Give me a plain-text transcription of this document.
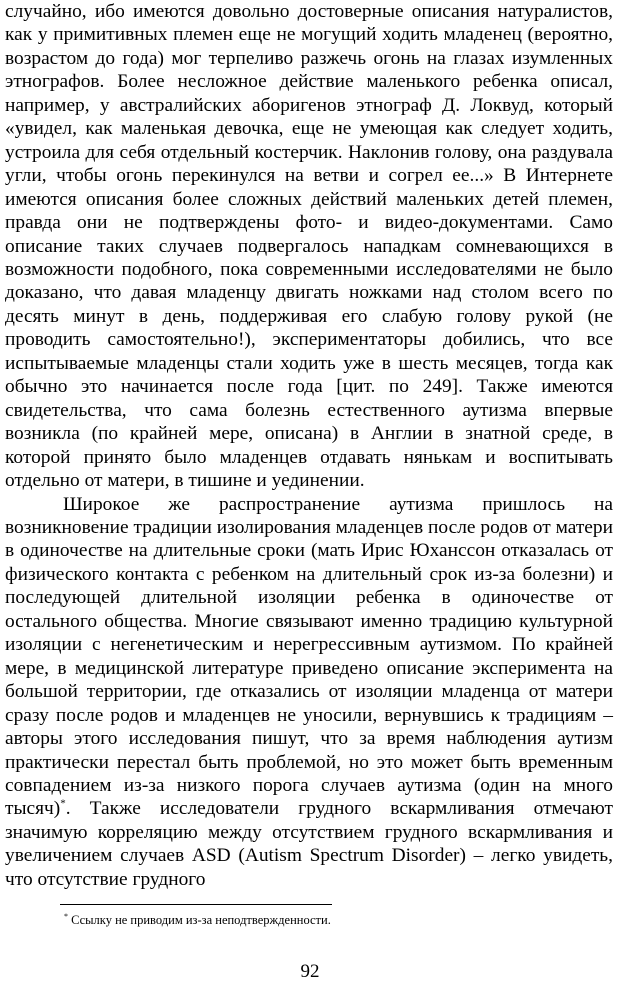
случайно, ибо имеются довольно достоверные описания натуралистов, как у примитивных племен еще не могущий ходить младенец (вероятно, возрастом до года) мог терпеливо разжечь огонь на глазах изумленных этнографов. Более несложное действие маленького ребенка описал, например, у австралийских аборигенов этнограф Д. Локвуд, который «увидел, как маленькая девочка, еще не умеющая как следует ходить, устроила для себя отдельный костерчик. Наклонив голову, она раздувала угли, чтобы огонь перекинулся на ветви и согрел ее...» В Интернете имеются описания более сложных действий маленьких детей племен, правда они не подтверждены фото- и видео-документами. Само описание таких случаев подвергалось нападкам сомневающихся в возможности подобного, пока современными исследователями не было доказано, что давая младенцу двигать ножками над столом всего по десять минут в день, поддерживая его слабую голову рукой (не проводить самостоятельно!), экспериментаторы добились, что все испытываемые младенцы стали ходить уже в шесть месяцев, тогда как обычно это начинается после года [цит. по 249]. Также имеются свидетельства, что сама болезнь естественного аутизма впервые возникла (по крайней мере, описана) в Англии в знатной среде, в которой принято было младенцев отдавать нянькам и воспитывать отдельно от матери, в тишине и уединении.

Широкое же распространение аутизма пришлось на возникновение традиции изолирования младенцев после родов от матери в одиночестве на длительные сроки (мать Ирис Юханссон отказалась от физического контакта с ребенком на длительный срок из-за болезни) и последующей длительной изоляции ребенка в одиночестве от остального общества. Многие связывают именно традицию культурной изоляции с негенетическим и нерегрессивным аутизмом. По крайней мере, в медицинской литературе приведено описание эксперимента на большой территории, где отказались от изоляции младенца от матери сразу после родов и младенцев не уносили, вернувшись к традициям – авторы этого исследования пишут, что за время наблюдения аутизм практически перестал быть проблемой, но это может быть временным совпадением из-за низкого порога случаев аутизма (один на много тысяч)*. Также исследователи грудного вскармливания отмечают значимую корреляцию между отсутствием грудного вскармливания и увеличением случаев ASD (Autism Spectrum Disorder) – легко увидеть, что отсутствие грудного

* Ссылку не приводим из-за неподтвержденности.
92
